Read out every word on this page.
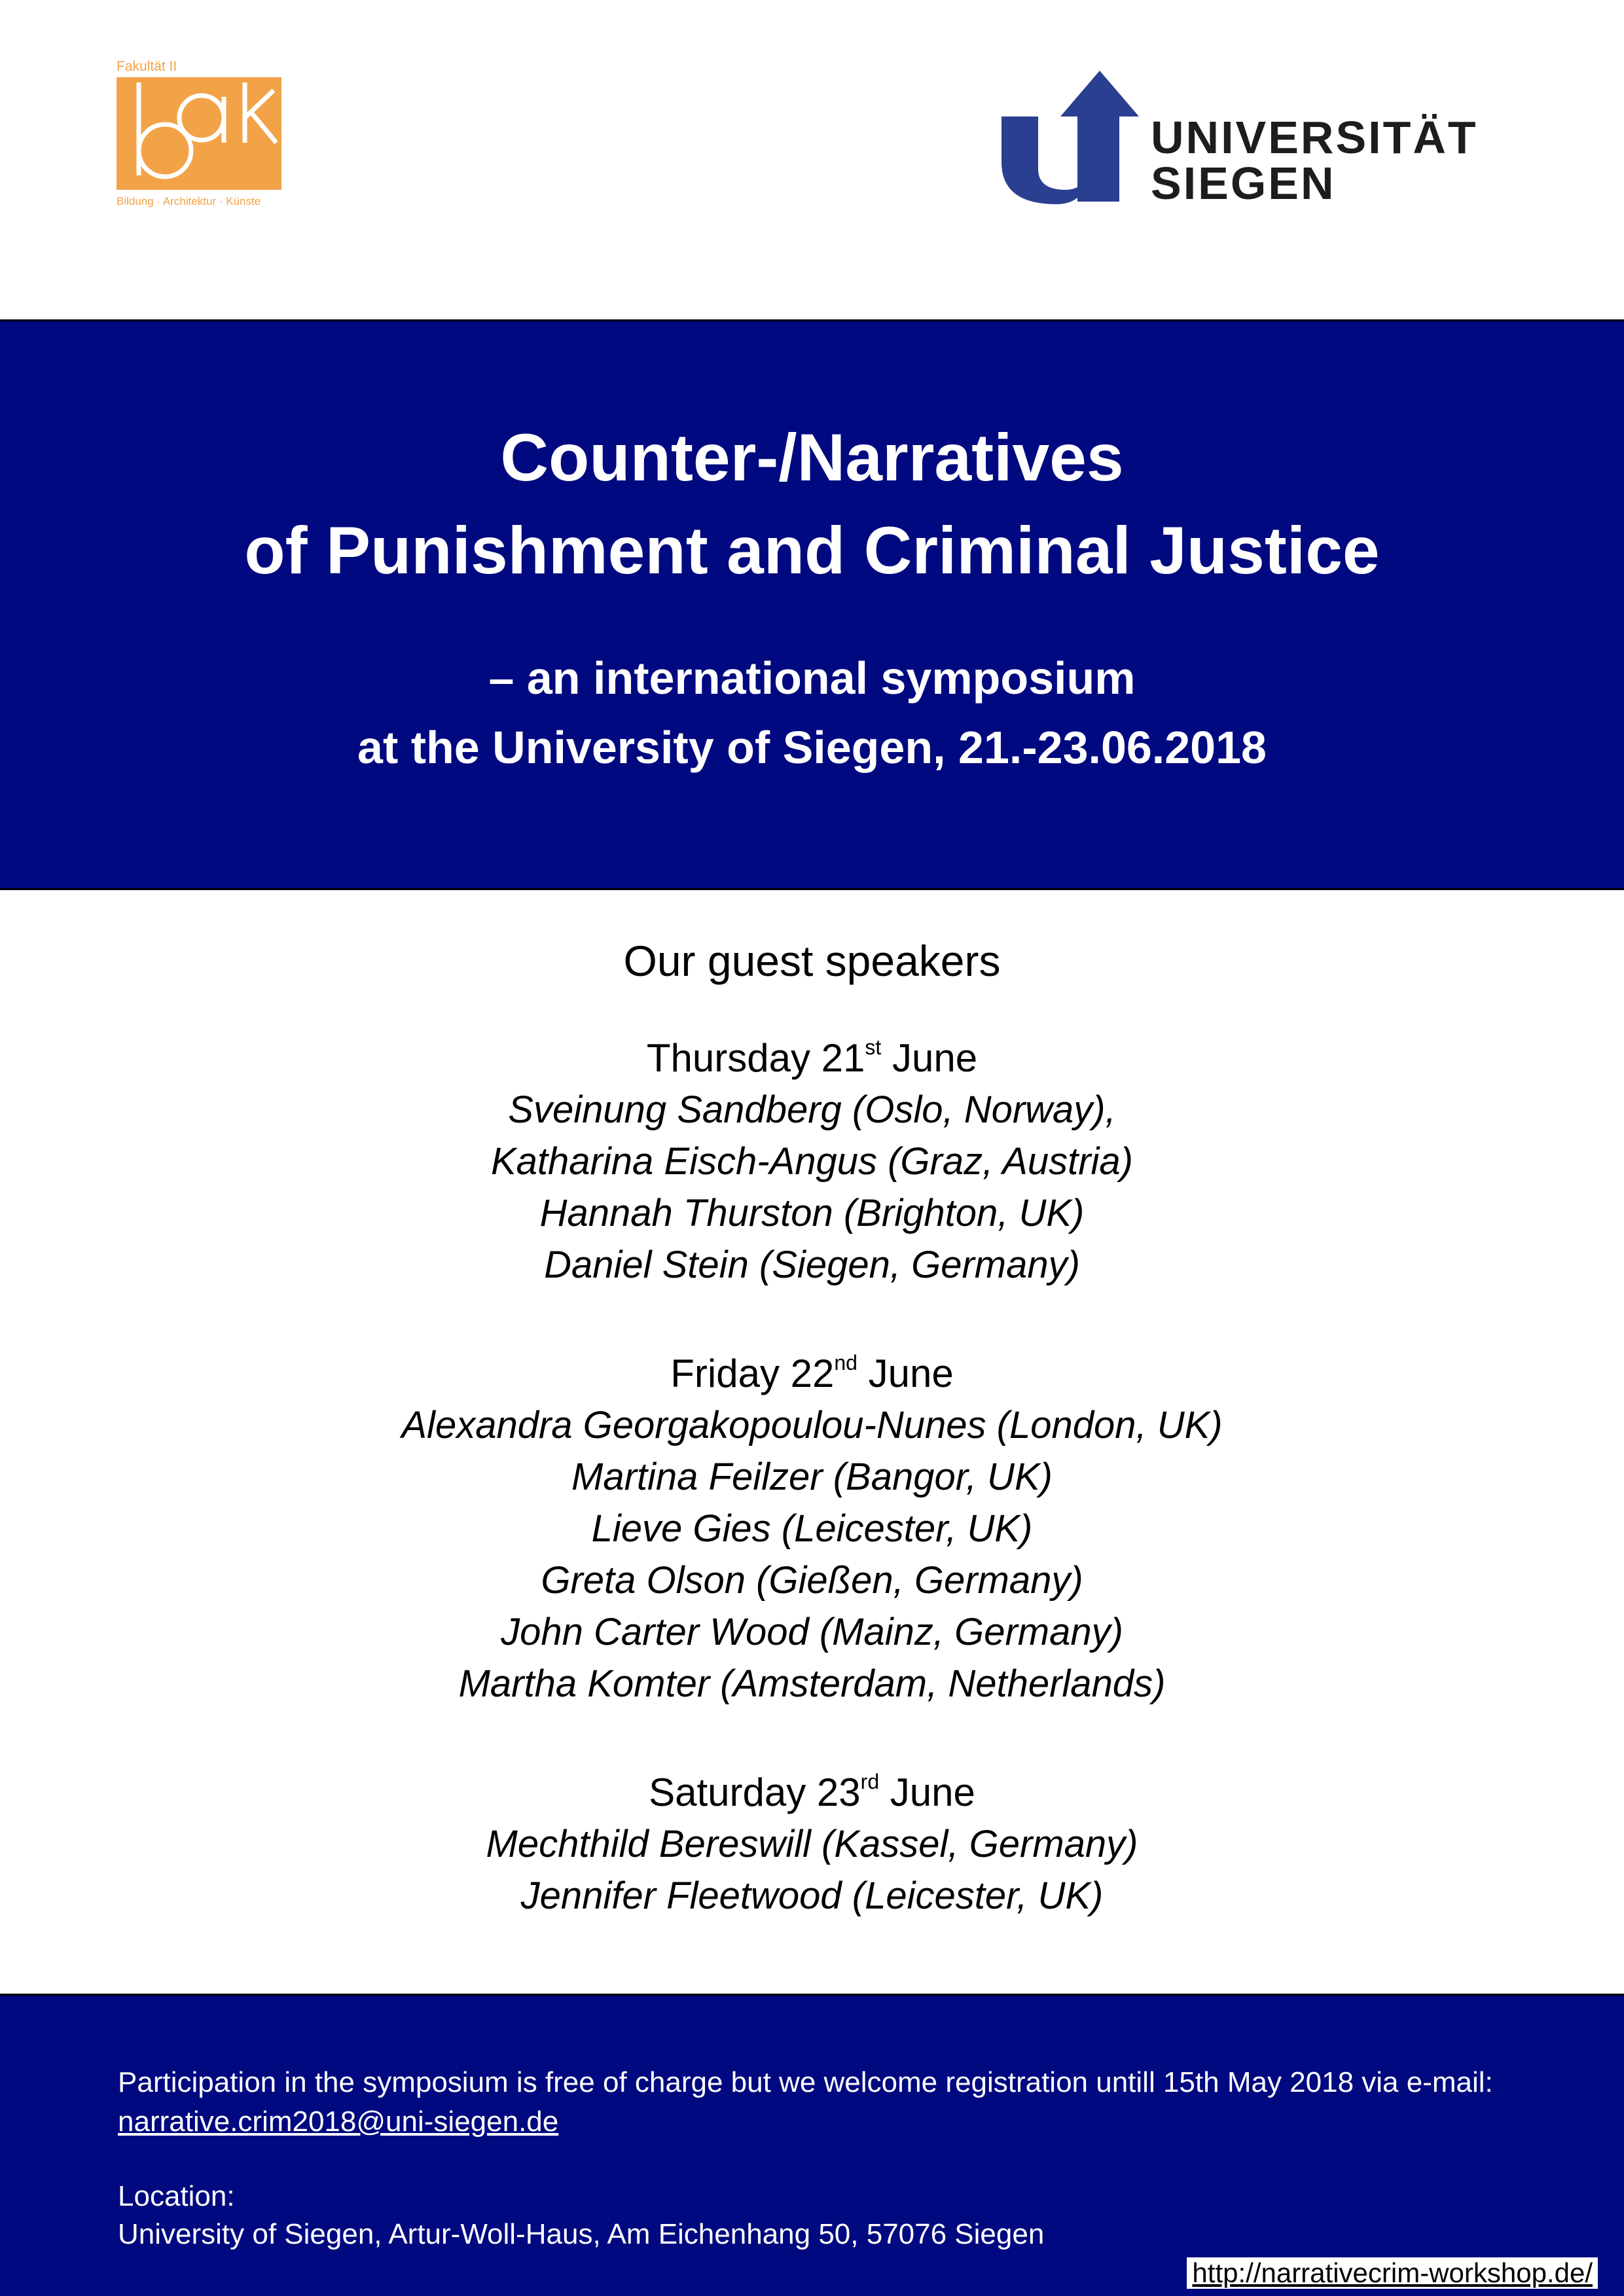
Fakultät II
Bildung · Architektur · Künste
UNIVERSITÄT
SIEGEN
Counter-/Narratives
of Punishment and Criminal Justice
– an international symposium
at the University of Siegen, 21.-23.06.2018
Our guest speakers
Thursday 21st June
Sveinung Sandberg (Oslo, Norway),
Katharina Eisch-Angus (Graz, Austria)
Hannah Thurston (Brighton, UK)
Daniel Stein (Siegen, Germany)
Friday 22nd June
Alexandra Georgakopoulou-Nunes (London, UK)
Martina Feilzer (Bangor, UK)
Lieve Gies (Leicester, UK)
Greta Olson (Gießen, Germany)
John Carter Wood (Mainz, Germany)
Martha Komter (Amsterdam, Netherlands)
Saturday 23rd June
Mechthild Bereswill (Kassel, Germany)
Jennifer Fleetwood (Leicester, UK)
Participation in the symposium is free of charge but we welcome registration untill 15th May 2018 via e-mail:
narrative.crim2018@uni-siegen.de
Location:
University of Siegen, Artur-Woll-Haus, Am Eichenhang 50, 57076 Siegen
http://narrativecrim-workshop.de/
